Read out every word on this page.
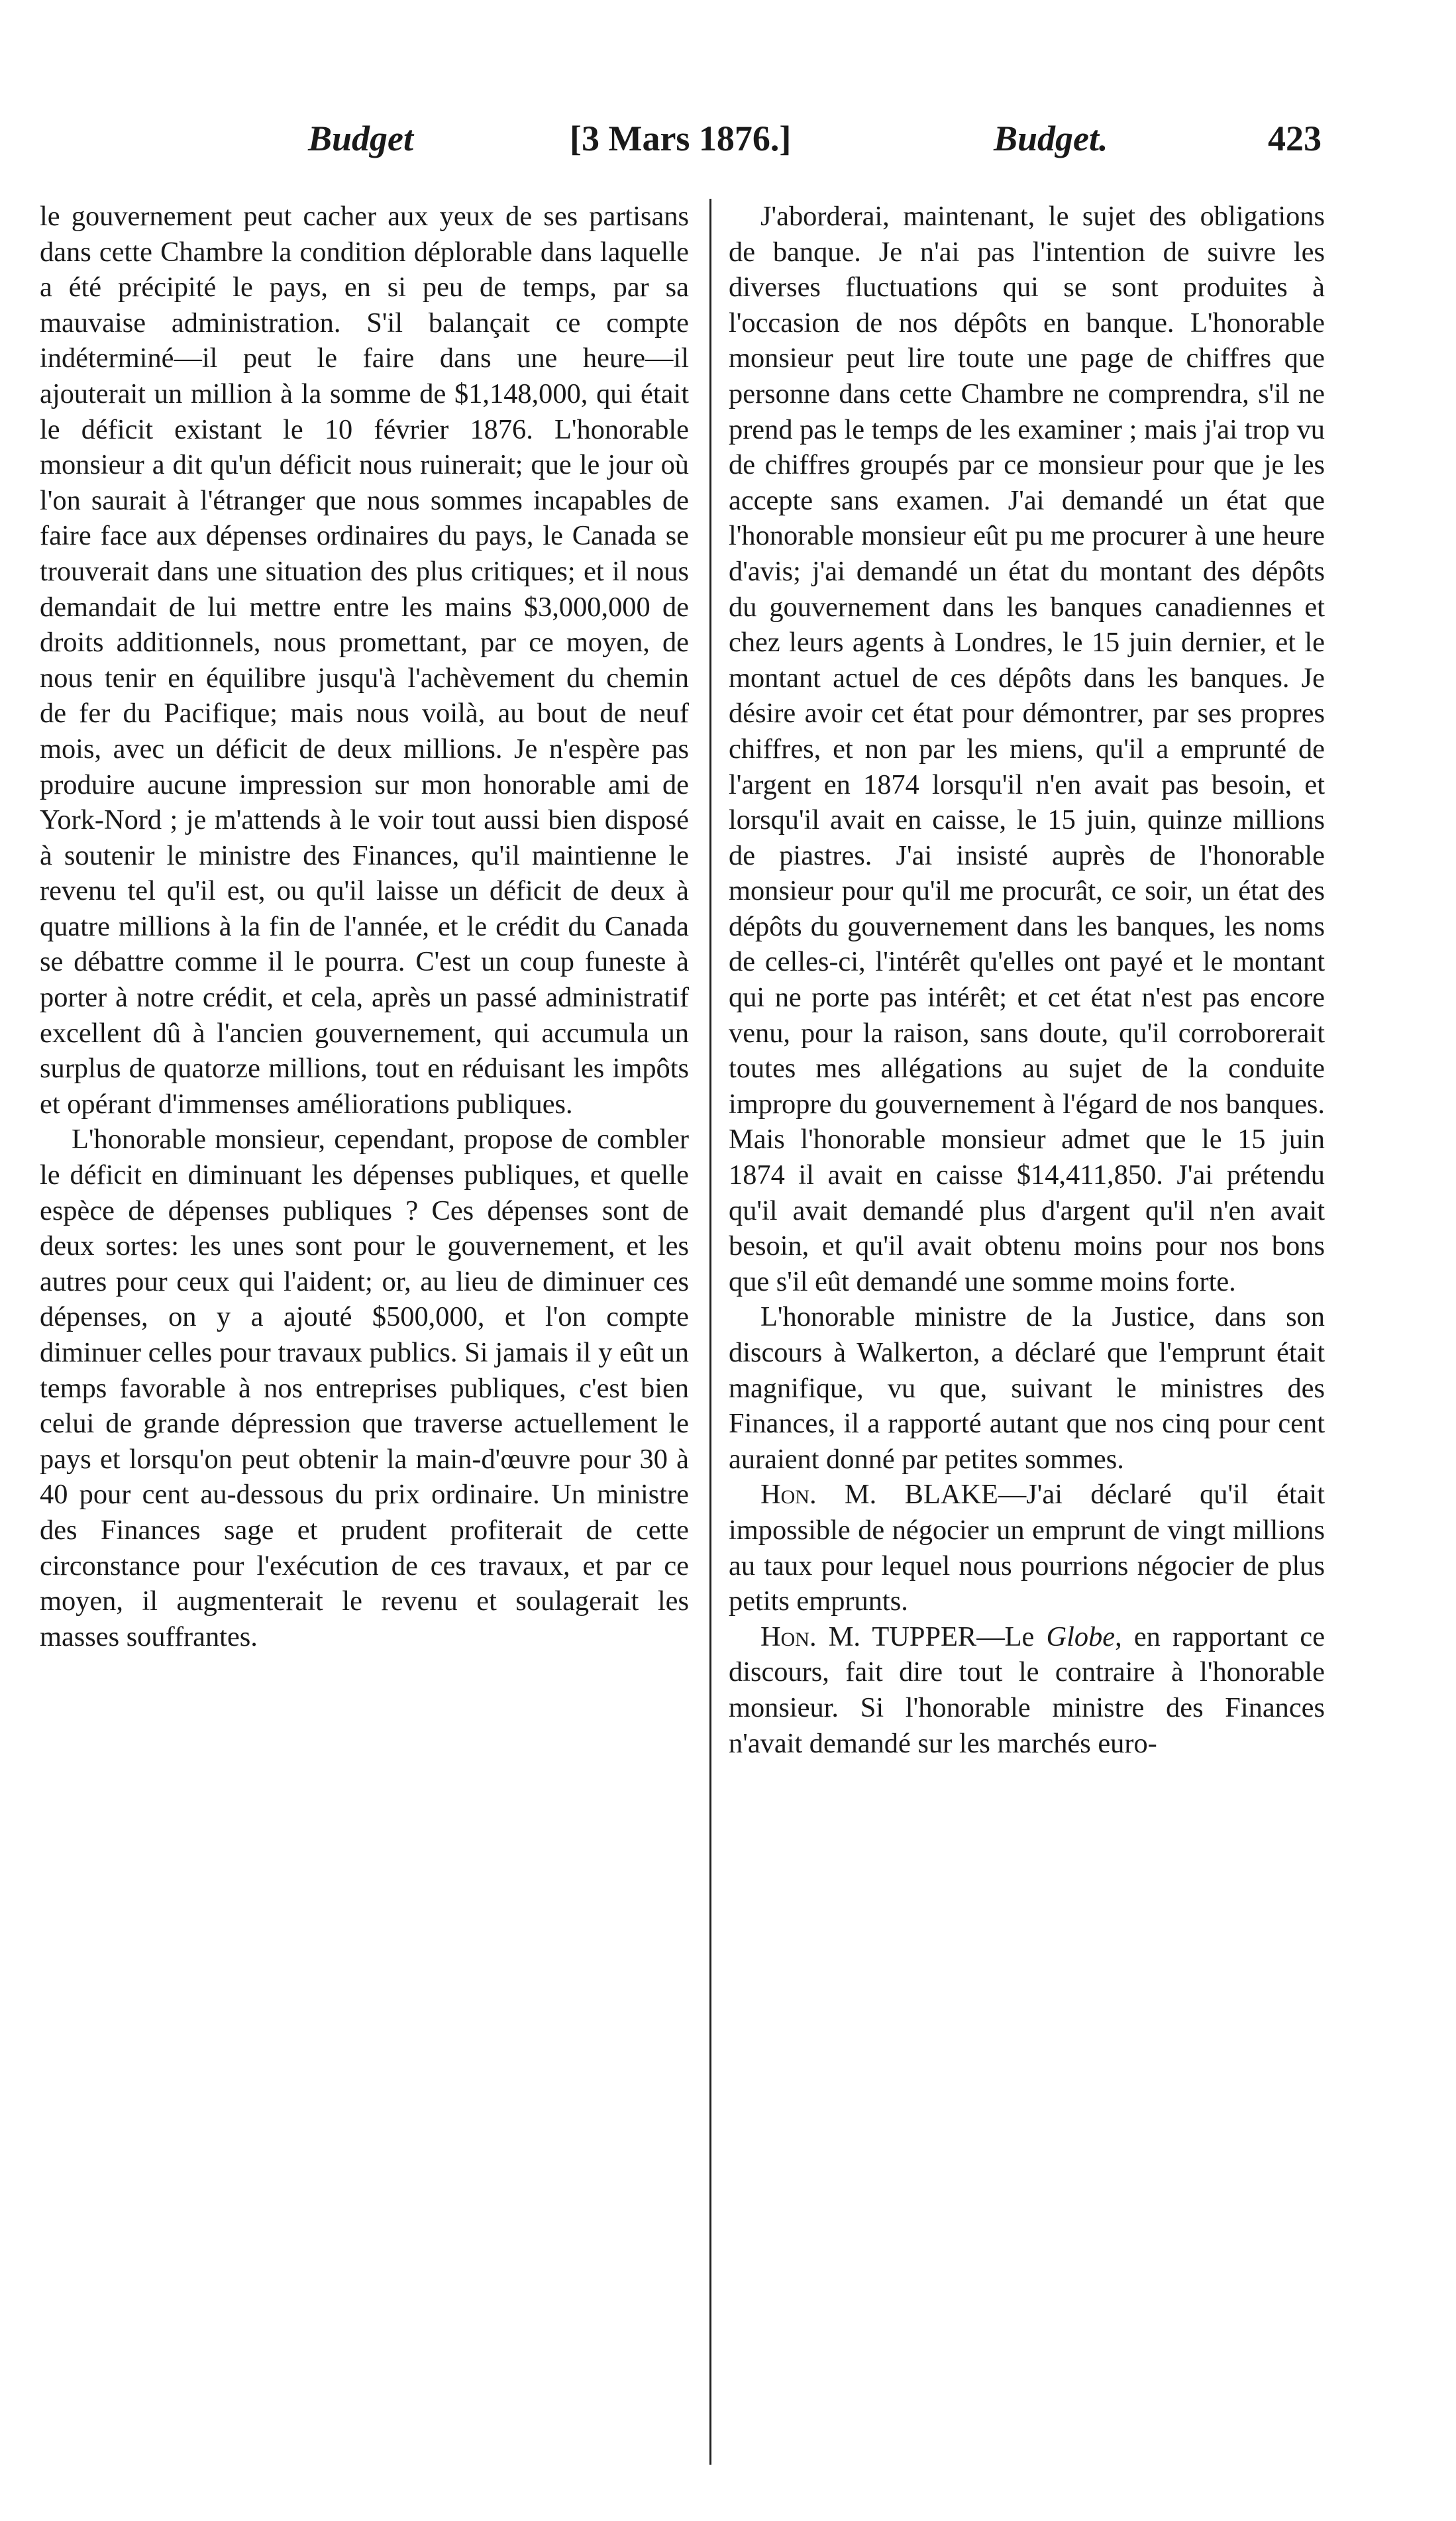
Budget	[3 Mars 1876.]	Budget.	423

le gouvernement peut cacher aux yeux de ses partisans dans cette Chambre la condition déplorable dans laquelle a été précipité le pays, en si peu de temps, par sa mauvaise administration. S'il balançait ce compte indéterminé—il peut le faire dans une heure—il ajouterait un million à la somme de $1,148,000, qui était le déficit existant le 10 février 1876. L'honorable monsieur a dit qu'un déficit nous ruinerait; que le jour où l'on saurait à l'étranger que nous sommes incapables de faire face aux dépenses ordinaires du pays, le Canada se trouverait dans une situation des plus critiques; et il nous demandait de lui mettre entre les mains $3,000,000 de droits additionnels, nous promettant, par ce moyen, de nous tenir en équilibre jusqu'à l'achèvement du chemin de fer du Pacifique; mais nous voilà, au bout de neuf mois, avec un déficit de deux millions. Je n'espère pas produire aucune impression sur mon honorable ami de York-Nord ; je m'attends à le voir tout aussi bien disposé à soutenir le ministre des Finances, qu'il maintienne le revenu tel qu'il est, ou qu'il laisse un déficit de deux à quatre millions à la fin de l'année, et le crédit du Canada se débattre comme il le pourra. C'est un coup funeste à porter à notre crédit, et cela, après un passé administratif excellent dû à l'ancien gouvernement, qui accumula un surplus de quatorze millions, tout en réduisant les impôts et opérant d'immenses améliorations publiques.

L'honorable monsieur, cependant, propose de combler le déficit en diminuant les dépenses publiques, et quelle espèce de dépenses publiques ? Ces dépenses sont de deux sortes: les unes sont pour le gouvernement, et les autres pour ceux qui l'aident; or, au lieu de diminuer ces dépenses, on y a ajouté $500,000, et l'on compte diminuer celles pour travaux publics. Si jamais il y eût un temps favorable à nos entreprises publiques, c'est bien celui de grande dépression que traverse actuellement le pays et lorsqu'on peut obtenir la main-d'œuvre pour 30 à 40 pour cent au-dessous du prix ordinaire. Un ministre des Finances sage et prudent profiterait de cette circonstance pour l'exécution de ces travaux, et par ce moyen, il augmenterait le revenu et soulagerait les masses souffrantes.

J'aborderai, maintenant, le sujet des obligations de banque. Je n'ai pas l'intention de suivre les diverses fluctuations qui se sont produites à l'occasion de nos dépôts en banque. L'honorable monsieur peut lire toute une page de chiffres que personne dans cette Chambre ne comprendra, s'il ne prend pas le temps de les examiner ; mais j'ai trop vu de chiffres groupés par ce monsieur pour que je les accepte sans examen. J'ai demandé un état que l'honorable monsieur eût pu me procurer à une heure d'avis; j'ai demandé un état du montant des dépôts du gouvernement dans les banques canadiennes et chez leurs agents à Londres, le 15 juin dernier, et le montant actuel de ces dépôts dans les banques. Je désire avoir cet état pour démontrer, par ses propres chiffres, et non par les miens, qu'il a emprunté de l'argent en 1874 lorsqu'il n'en avait pas besoin, et lorsqu'il avait en caisse, le 15 juin, quinze millions de piastres. J'ai insisté auprès de l'honorable monsieur pour qu'il me procurât, ce soir, un état des dépôts du gouvernement dans les banques, les noms de celles-ci, l'intérêt qu'elles ont payé et le montant qui ne porte pas intérêt; et cet état n'est pas encore venu, pour la raison, sans doute, qu'il corroborerait toutes mes allégations au sujet de la conduite impropre du gouvernement à l'égard de nos banques. Mais l'honorable monsieur admet que le 15 juin 1874 il avait en caisse $14,411,850. J'ai prétendu qu'il avait demandé plus d'argent qu'il n'en avait besoin, et qu'il avait obtenu moins pour nos bons que s'il eût demandé une somme moins forte.

L'honorable ministre de la Justice, dans son discours à Walkerton, a déclaré que l'emprunt était magnifique, vu que, suivant le ministres des Finances, il a rapporté autant que nos cinq pour cent auraient donné par petites sommes.

Hon. M. BLAKE—J'ai déclaré qu'il était impossible de négocier un emprunt de vingt millions au taux pour lequel nous pourrions négocier de plus petits emprunts.

Hon. M. TUPPER—Le Globe, en rapportant ce discours, fait dire tout le contraire à l'honorable monsieur. Si l'honorable ministre des Finances n'avait demandé sur les marchés euro-
